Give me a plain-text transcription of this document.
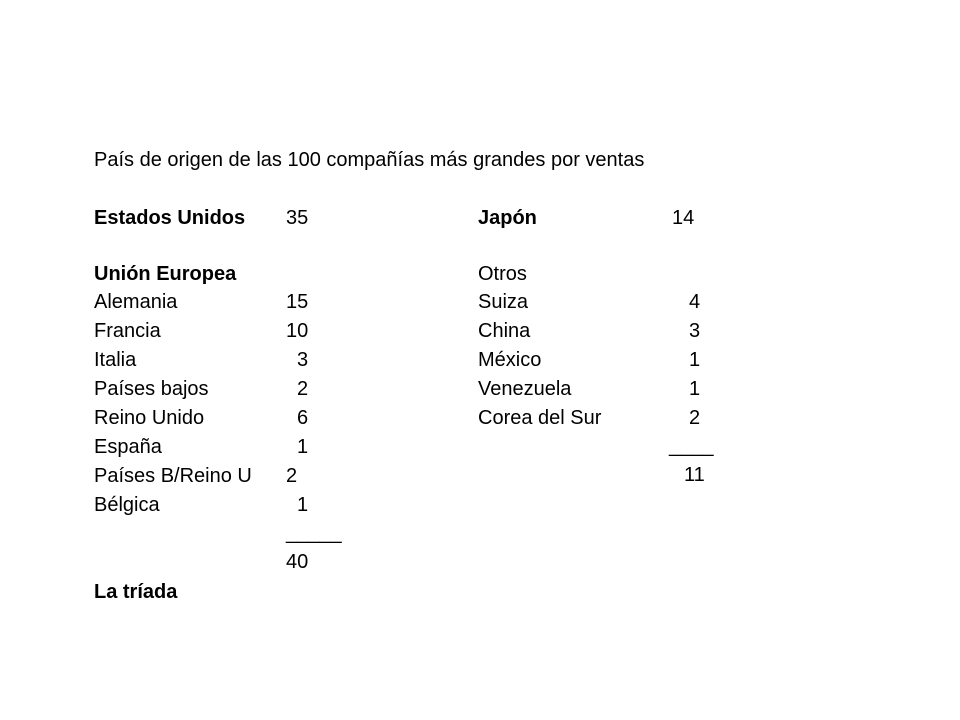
País de origen de las 100 compañías más grandes por ventas
Estados Unidos 35	Japón	14
Unión Europea
Alemania	15
Francia	10
Italia	3
Países bajos	2
Reino Unido	6
España	1
Países B/Reino U 2
Bélgica	1
_____
40
Otros
Suiza	4
China	3
México	1
Venezuela	1
Corea del Sur	2
____
11
La tríada
